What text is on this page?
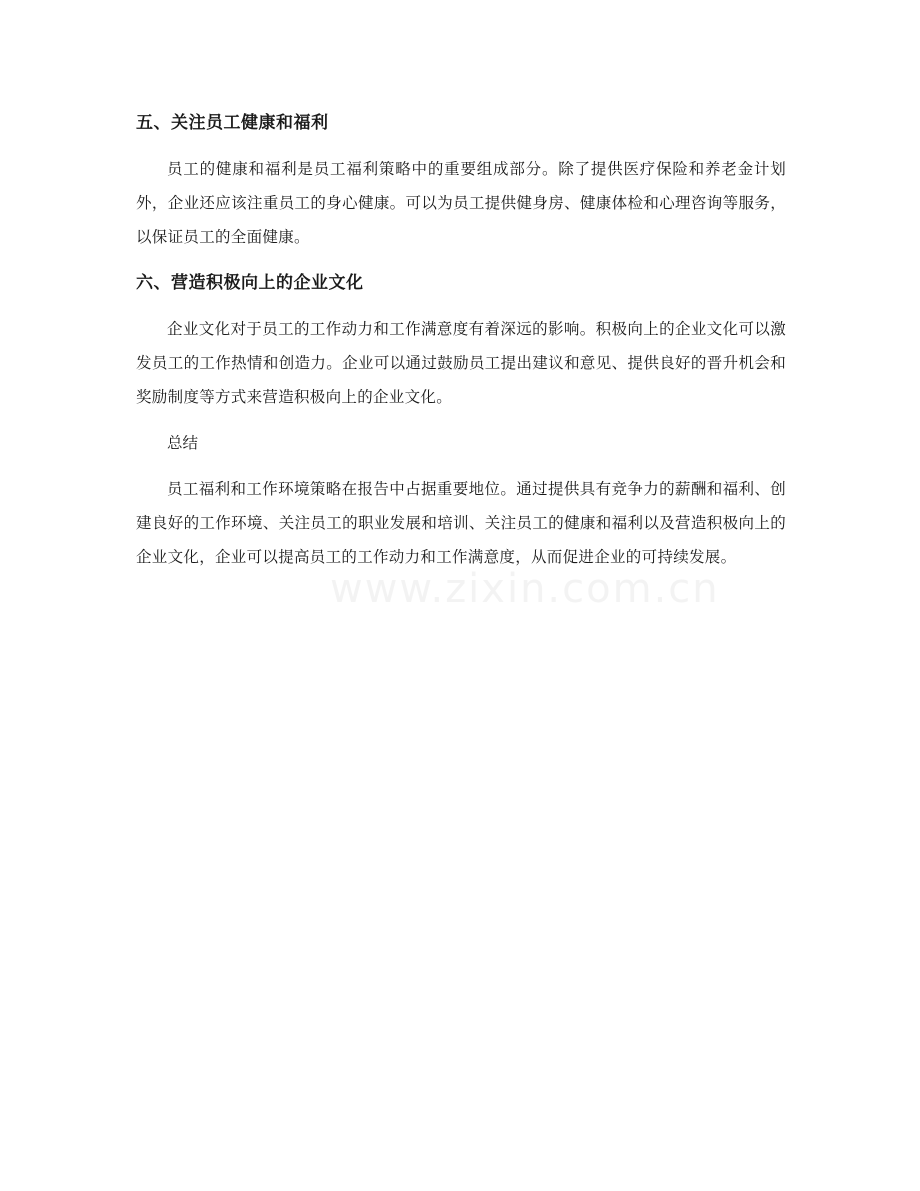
五、关注员工健康和福利

员工的健康和福利是员工福利策略中的重要组成部分。除了提供医疗保险和养老金计划外，企业还应该注重员工的身心健康。可以为员工提供健身房、健康体检和心理咨询等服务，以保证员工的全面健康。

六、营造积极向上的企业文化

企业文化对于员工的工作动力和工作满意度有着深远的影响。积极向上的企业文化可以激发员工的工作热情和创造力。企业可以通过鼓励员工提出建议和意见、提供良好的晋升机会和奖励制度等方式来营造积极向上的企业文化。

总结

员工福利和工作环境策略在报告中占据重要地位。通过提供具有竞争力的薪酬和福利、创建良好的工作环境、关注员工的职业发展和培训、关注员工的健康和福利以及营造积极向上的企业文化，企业可以提高员工的工作动力和工作满意度，从而促进企业的可持续发展。

www.zixin.com.cn
